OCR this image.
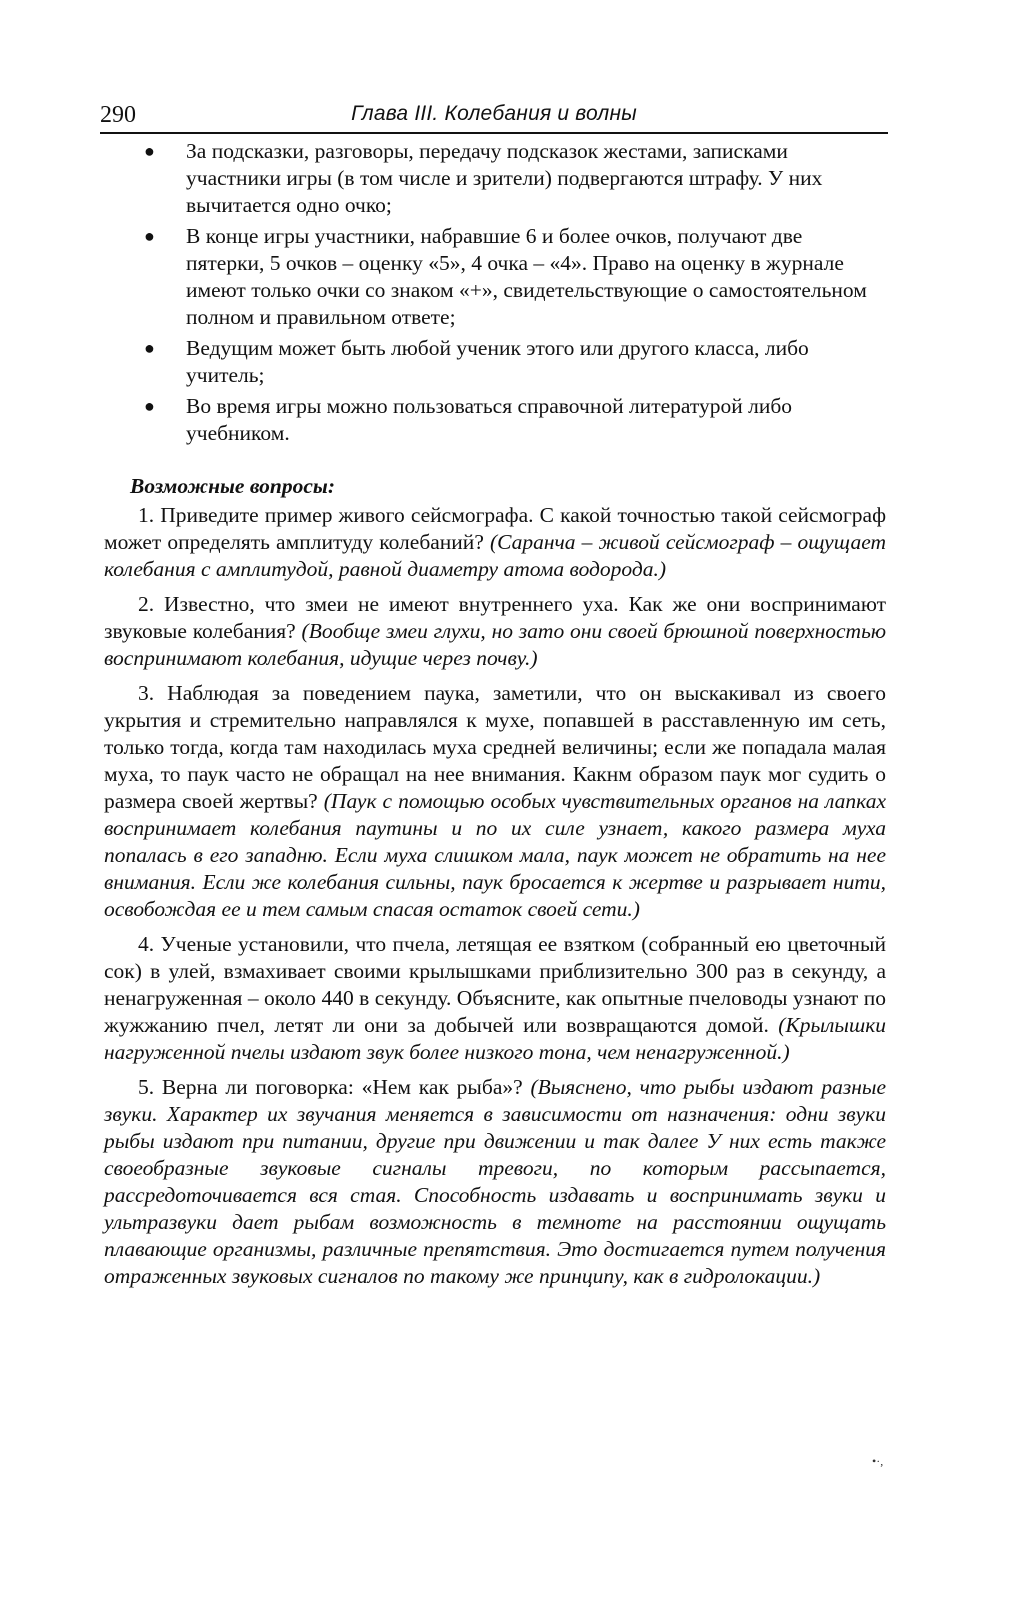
290	Глава III. Колебания и волны
● За подсказки, разговоры, передачу подсказок жестами, записками участники игры (в том числе и зрители) подвергаются штрафу. У них вычитается одно очко;
● В конце игры участники, набравшие 6 и более очков, получают две пятерки, 5 очков – оценку «5», 4 очка – «4». Право на оценку в журнале имеют только очки со знаком «+», свидетельствующие о самостоятельном полном и правильном ответе;
● Ведущим может быть любой ученик этого или другого класса, либо учитель;
● Во время игры можно пользоваться справочной литературой либо учебником.
Возможные вопросы:

1. Приведите пример живого сейсмографа. С какой точностью такой сейсмограф может определять амплитуду колебаний? (Саранча – живой сейсмограф – ощущает колебания с амплитудой, равной диаметру атома водорода.)

2. Известно, что змеи не имеют внутреннего уха. Как же они воспринимают звуковые колебания? (Вообще змеи глухи, но зато они своей брюшной поверхностью воспринимают колебания, идущие через почву.)

3. Наблюдая за поведением паука, заметили, что он выскакивал из своего укрытия и стремительно направлялся к мухе, попавшей в расставленную им сеть, только тогда, когда там находилась муха средней величины; если же попадала малая муха, то паук часто не обращал на нее внимания. Какнм образом паук мог судить о размера своей жертвы? (Паук с помощью особых чувствительных органов на лапках воспринимает колебания паутины и по их силе узнает, какого размера муха попалась в его западню. Если муха слишком мала, паук может не обратить на нее внимания. Если же колебания сильны, паук бросается к жертве и разрывает нити, освобождая ее и тем самым спасая остаток своей сети.)

4. Ученые установили, что пчела, летящая ее взятком (собранный ею цветочный сок) в улей, взмахивает своими крылышками приблизительно 300 раз в секунду, а ненагруженная – около 440 в секунду. Объясните, как опытные пчеловоды узнают по жужжанию пчел, летят ли они за добычей или возвращаются домой. (Крылышки нагруженной пчелы издают звук более низкого тона, чем ненагруженной.)

5. Верна ли поговорка: «Нем как рыба»? (Выяснено, что рыбы издают разные звуки. Характер их звучания меняется в зависимости от назначения: одни звуки рыбы издают при питании, другие при движении и так далее У них есть также своеобразные звуковые сигналы тревоги, по которым рассыпается, рассредоточивается вся стая. Способность издавать и воспринимать звуки и ультразвуки дает рыбам возможность в темноте на расстоянии ощущать плавающие организмы, различные препятствия. Это достигается путем получения отраженных звуковых сигналов по такому же принципу, как в гидролокации.)

•·,
